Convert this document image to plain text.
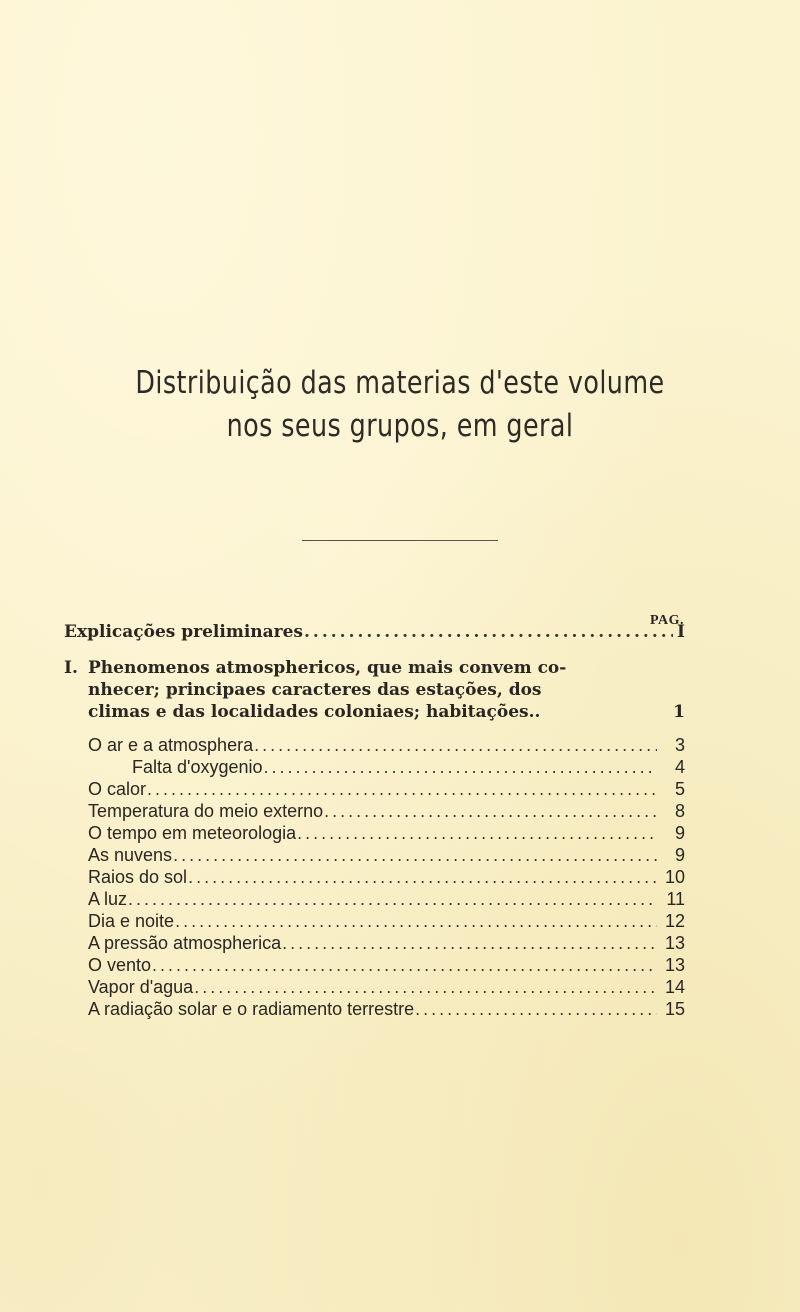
Distribuição das materias d'este volume
nos seus grupos, em geral
PAG.
Explicações preliminares .....	I
I. Phenomenos atmosphericos, que mais convem co-
nhecer; principaes caracteres das estações, dos
climas e das localidades coloniaes; habitações..	1
O ar e a atmosphera .....	3
Falta d'oxygenio .....	4
O calor .....	5
Temperatura do meio externo .....	8
O tempo em meteorologia .....	9
As nuvens .....	9
Raios do sol .....	10
A luz .....	11
Dia e noite .....	12
A pressão atmospherica .....	13
O vento .....	13
Vapor d'agua .....	14
A radiação solar e o radiamento terrestre .....	15
